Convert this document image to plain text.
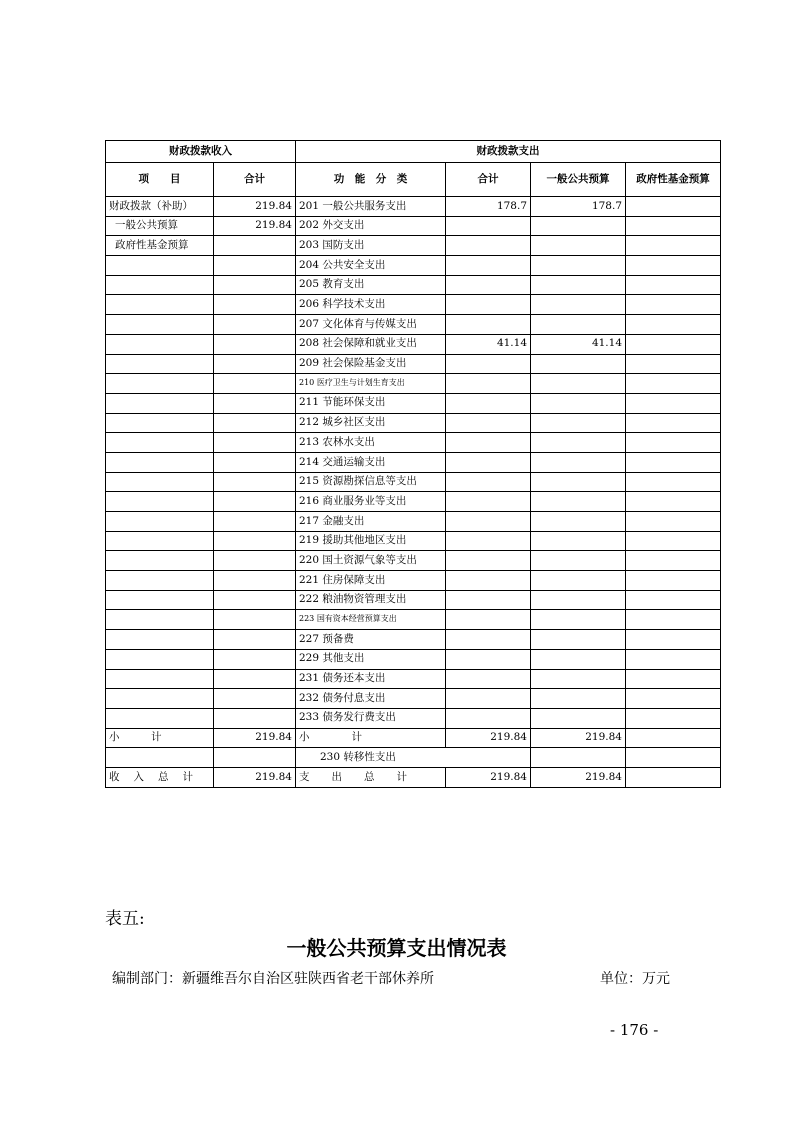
财政拨款收入		财政拨款支出			
项　　目	合计	功　能　分　类	合计	一般公共预算	政府性基金预算
财政拨款（补助）	219.84	201 一般公共服务支出	178.7	178.7	
一般公共预算	219.84	202 外交支出			
政府性基金预算		203 国防支出			
		204 公共安全支出			
		205 教育支出			
		206 科学技术支出			
		207 文化体育与传媒支出			
		208 社会保障和就业支出	41.14	41.14	
		209 社会保险基金支出			
		210 医疗卫生与计划生育支出			
		211 节能环保支出			
		212 城乡社区支出			
		213 农林水支出			
		214 交通运输支出			
		215 资源勘探信息等支出			
		216 商业服务业等支出			
		217 金融支出			
		219 援助其他地区支出			
		220 国土资源气象等支出			
		221 住房保障支出			
		222 粮油物资管理支出			
		223 国有资本经营预算支出			
		227 预备费			
		229 其他支出			
		231 债务还本支出			
		232 债务付息支出			
		233 债务发行费支出			
小　　　计	219.84	小　　　　计	219.84	219.84	
		230 转移性支出			
收入总计	219.84	支出总计	219.84	219.84	
表五:
一般公共预算支出情况表
编制部门：新疆维吾尔自治区驻陕西省老干部休养所	单位：万元
- 176 -
